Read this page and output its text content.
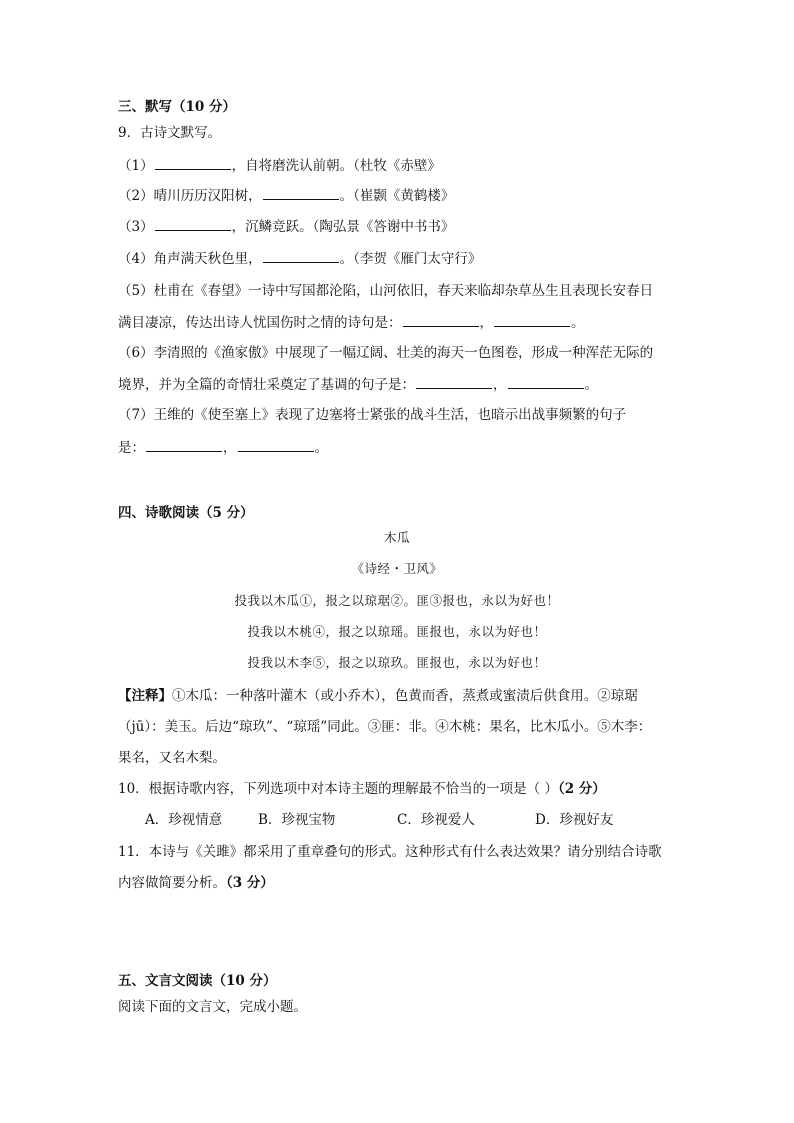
三、默写（10 分）
9．古诗文默写。
（1）	，自将磨洗认前朝。（杜牧《赤壁》
（2）晴川历历汉阳树，	。（崔颢《黄鹤楼》
（3）	，沉鳞竞跃。（陶弘景《答谢中书书》
（4）角声满天秋色里，	。（李贺《雁门太守行》
（5）杜甫在《春望》一诗中写国都沦陷，山河依旧，春天来临却杂草丛生且表现长安春日
满目凄凉，传达出诗人忧国伤时之情的诗句是：	，	。
（6）李清照的《渔家傲》中展现了一幅辽阔、壮美的海天一色图卷，形成一种浑茫无际的
境界，并为全篇的奇情壮采奠定了基调的句子是：	，	。
（7）王维的《使至塞上》表现了边塞将士紧张的战斗生活，也暗示出战事频繁的句子
是：	，	。
四、诗歌阅读（5 分）
木瓜
《诗经・卫风》
投我以木瓜①，报之以琼琚②。匪③报也，永以为好也！
投我以木桃④，报之以琼瑶。匪报也，永以为好也！
投我以木李⑤，报之以琼玖。匪报也，永以为好也！
【注释】①木瓜：一种落叶灌木（或小乔木），色黄而香，蒸煮或蜜渍后供食用。②琼琚
（jū）：美玉。后边“琼玖”、“琼瑶”同此。③匪：非。④木桃：果名，比木瓜小。⑤木李：
果名，又名木梨。
10．根据诗歌内容，下列选项中对本诗主题的理解最不恰当的一项是（ ）（2 分）
A．珍视情意	B．珍视宝物	C．珍视爱人	D．珍视好友
11．本诗与《关雎》都采用了重章叠句的形式。这种形式有什么表达效果？请分别结合诗歌
内容做简要分析。（3 分）
五、文言文阅读（10 分）
阅读下面的文言文，完成小题。
